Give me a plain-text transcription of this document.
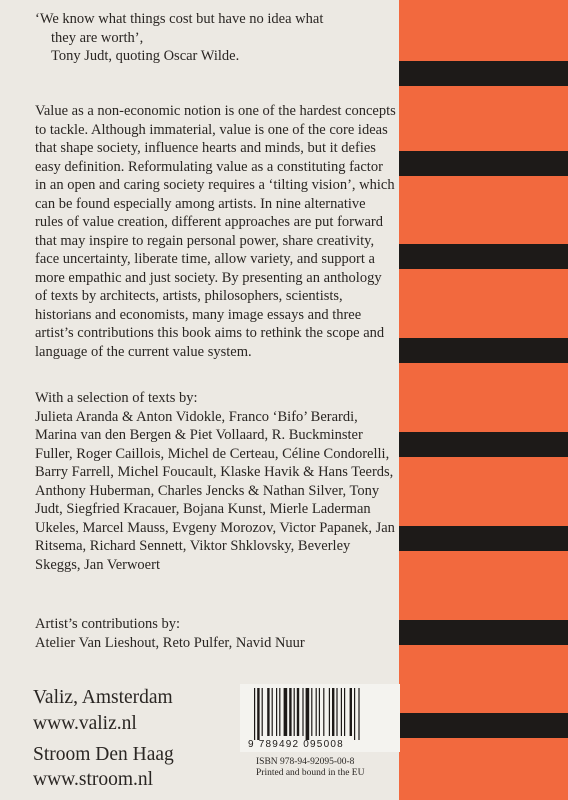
‘We know what things cost but have no idea what
they are worth’,
Tony Judt, quoting Oscar Wilde.

Value as a non-economic notion is one of the hardest concepts to tackle. Although immaterial, value is one of the core ideas that shape society, influence hearts and minds, but it defies easy definition. Reformulating value as a constituting factor in an open and caring society requires a ‘tilting vision’, which can be found especially among artists. In nine alternative rules of value creation, different approaches are put forward that may inspire to regain personal power, share creativity, face uncertainty, liberate time, allow variety, and support a more empathic and just society. By presenting an anthology of texts by architects, artists, philosophers, scientists, historians and economists, many image essays and three artist’s contributions this book aims to rethink the scope and language of the current value system.

With a selection of texts by:

Julieta Aranda & Anton Vidokle, Franco ‘Bifo’ Berardi, Marina van den Bergen & Piet Vollaard, R. Buckminster Fuller, Roger Caillois, Michel de Certeau, Céline Condorelli, Barry Farrell, Michel Foucault, Klaske Havik & Hans Teerds, Anthony Huberman, Charles Jencks & Nathan Silver, Tony Judt, Siegfried Kracauer, Bojana Kunst, Mierle Laderman Ukeles, Marcel Mauss, Evgeny Morozov, Victor Papanek, Jan Ritsema, Richard Sennett, Viktor Shklovsky, Beverley Skeggs, Jan Verwoert

Artist’s contributions by:

Atelier Van Lieshout, Reto Pulfer, Navid Nuur

Valiz, Amsterdam

www.valiz.nl

Stroom Den Haag

www.stroom.nl

9 789492 095008

ISBN 978-94-92095-00-8
Printed and bound in the EU
